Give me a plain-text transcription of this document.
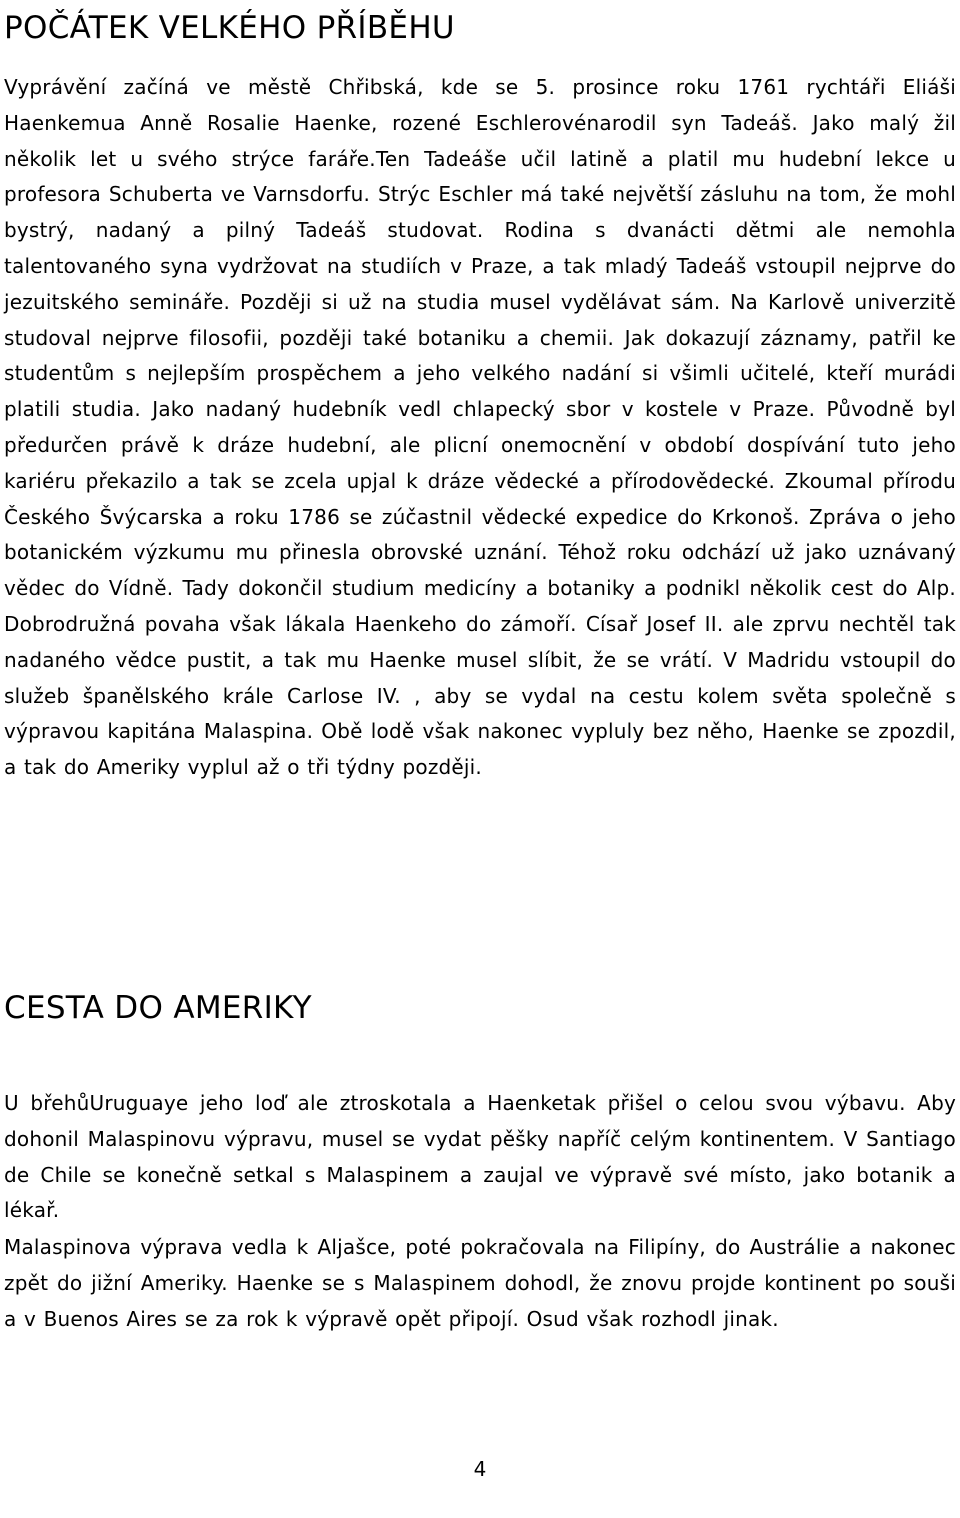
POČÁTEK VELKÉHO PŘÍBĚHU

Vyprávění začíná ve městě Chřibská, kde se 5. prosince roku 1761 rychtáři Eliáši Haenkemua Anně Rosalie Haenke, rozené Eschlerovénarodil syn Tadeáš. Jako malý žil několik let u svého strýce faráře.Ten Tadeáše učil latině a platil mu hudební lekce u profesora Schuberta ve Varnsdorfu. Strýc Eschler má také největší zásluhu na tom, že mohl bystrý, nadaný a pilný Tadeáš studovat. Rodina s dvanácti dětmi ale nemohla talentovaného syna vydržovat na studiích v Praze, a tak mladý Tadeáš vstoupil nejprve do jezuitského semináře. Později si už na studia musel vydělávat sám. Na Karlově univerzitě studoval nejprve filosofii, později také botaniku a chemii. Jak dokazují záznamy, patřil ke studentům s nejlepším prospěchem a jeho velkého nadání si všimli učitelé, kteří murádi platili studia. Jako nadaný hudebník vedl chlapecký sbor v kostele v Praze. Původně byl předurčen právě k dráze hudební, ale plicní onemocnění v období dospívání tuto jeho kariéru překazilo a tak se zcela upjal k dráze vědecké a přírodovědecké. Zkoumal přírodu Českého Švýcarska a roku 1786 se zúčastnil vědecké expedice do Krkonoš. Zpráva o jeho botanickém výzkumu mu přinesla obrovské uznání. Téhož roku odchází už jako uznávaný vědec do Vídně. Tady dokončil studium medicíny a botaniky a podnikl několik cest do Alp. Dobrodružná povaha však lákala Haenkeho do zámoří. Císař Josef II. ale zprvu nechtěl tak nadaného vědce pustit, a tak mu Haenke musel slíbit, že se vrátí. V Madridu vstoupil do služeb španělského krále Carlose IV. , aby se vydal na cestu kolem světa společně s výpravou kapitána Malaspina. Obě lodě však nakonec vypluly bez něho, Haenke se zpozdil, a tak do Ameriky vyplul až o tři týdny později.

CESTA DO AMERIKY

U břehůUruguaye jeho loď ale ztroskotala a Haenketak přišel o celou svou výbavu. Aby dohonil Malaspinovu výpravu, musel se vydat pěšky napříč celým kontinentem. V Santiago de Chile se konečně setkal s Malaspinem a zaujal ve výpravě své místo, jako botanik a lékař.

Malaspinova výprava vedla k Aljašce, poté pokračovala na Filipíny, do Austrálie a nakonec zpět do jižní Ameriky. Haenke se s Malaspinem dohodl, že znovu projde kontinent po souši a v Buenos Aires se za rok k výpravě opět připojí. Osud však rozhodl jinak.

4
